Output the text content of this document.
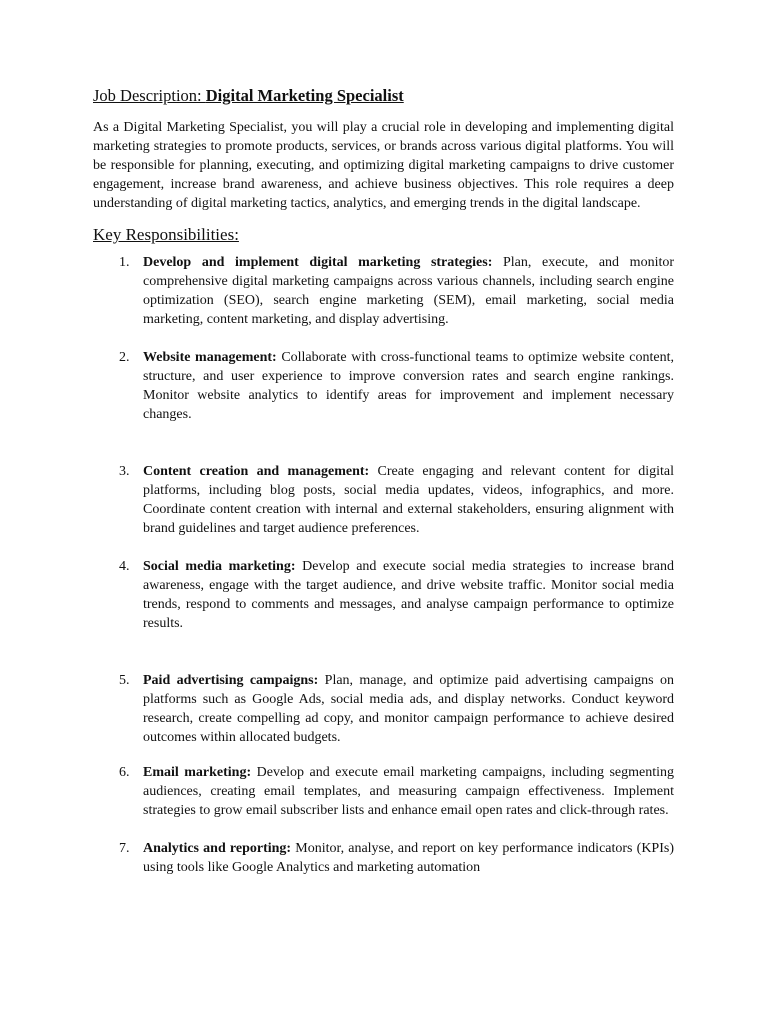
Job Description: Digital Marketing Specialist

As a Digital Marketing Specialist, you will play a crucial role in developing and implementing digital marketing strategies to promote products, services, or brands across various digital platforms. You will be responsible for planning, executing, and optimizing digital marketing campaigns to drive customer engagement, increase brand awareness, and achieve business objectives. This role requires a deep understanding of digital marketing tactics, analytics, and emerging trends in the digital landscape.

Key Responsibilities:
1. Develop and implement digital marketing strategies: Plan, execute, and monitor comprehensive digital marketing campaigns across various channels, including search engine optimization (SEO), search engine marketing (SEM), email marketing, social media marketing, content marketing, and display advertising.
2. Website management: Collaborate with cross-functional teams to optimize website content, structure, and user experience to improve conversion rates and search engine rankings. Monitor website analytics to identify areas for improvement and implement necessary changes.
3. Content creation and management: Create engaging and relevant content for digital platforms, including blog posts, social media updates, videos, infographics, and more. Coordinate content creation with internal and external stakeholders, ensuring alignment with brand guidelines and target audience preferences.
4. Social media marketing: Develop and execute social media strategies to increase brand awareness, engage with the target audience, and drive website traffic. Monitor social media trends, respond to comments and messages, and analyse campaign performance to optimize results.
5. Paid advertising campaigns: Plan, manage, and optimize paid advertising campaigns on platforms such as Google Ads, social media ads, and display networks. Conduct keyword research, create compelling ad copy, and monitor campaign performance to achieve desired outcomes within allocated budgets.
6. Email marketing: Develop and execute email marketing campaigns, including segmenting audiences, creating email templates, and measuring campaign effectiveness. Implement strategies to grow email subscriber lists and enhance email open rates and click-through rates.
7. Analytics and reporting: Monitor, analyse, and report on key performance indicators (KPIs) using tools like Google Analytics and marketing automation
